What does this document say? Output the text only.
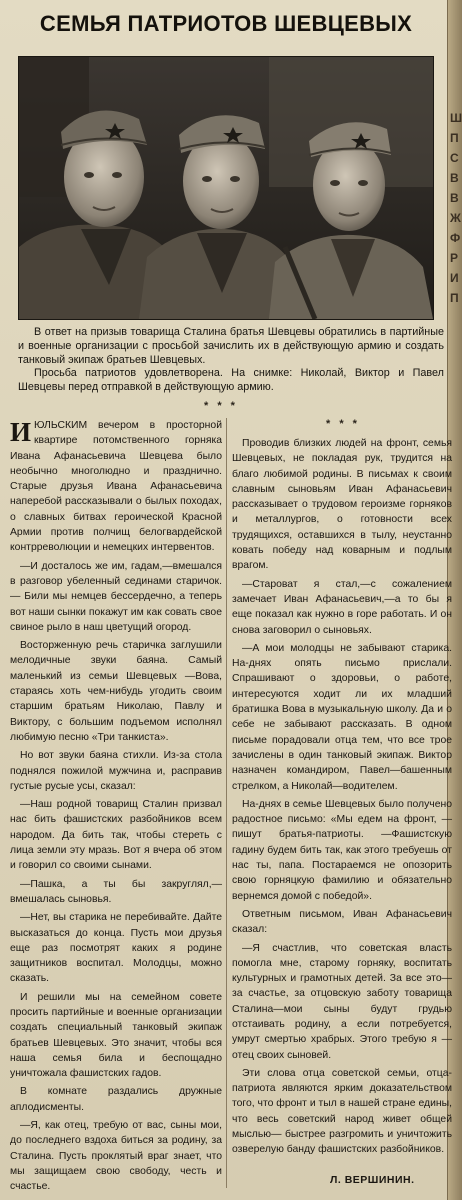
Ш
П
С
В
В
Ж
Ф
Р
И
П
СЕМЬЯ ПАТРИОТОВ ШЕВЦЕВЫХ

В ответ на призыв товарища Сталина братья Шевцевы обратились в партийные и военные организации с просьбой зачислить их в действующую армию и создать танковый экипаж братьев Шевцевых.

Просьба патриотов удовлетворена. На снимке: Николай, Виктор и Павел Шевцевы перед отправкой в действующую армию.

* * *
* * *

ИЮЛЬСКИМ вечером в просторной квартире потомственного горняка Ивана Афанасьевича Шевцева было необычно многолюдно и празднично. Старые друзья Ивана Афанасьевича наперебой рассказывали о былых походах, о славных битвах героической Красной Армии против полчищ белогвардейской контрреволюции и немецких интервентов.

—И досталось же им, гадам,—вмешался в разговор убеленный сединами старичок.— Били мы немцев бессердечно, а теперь вот наши сынки покажут им как совать свое свиное рыло в наш цветущий огород.

Восторженную речь старичка заглушили мелодичные звуки баяна. Самый маленький из семьи Шевцевых —Вова, стараясь хоть чем-нибудь угодить своим старшим братьям Николаю, Павлу и Виктору, с большим подъемом исполнял любимую песню «Три танкиста».

Но вот звуки баяна стихли. Из-за стола поднялся пожилой мужчина и, расправив густые русые усы, сказал:

—Наш родной товарищ Сталин призвал нас бить фашистских разбойников всем народом. Да бить так, чтобы стереть с лица земли эту мразь. Вот я вчера об этом и говорил со своими сынами.

—Пашка, а ты бы закруглял,— вмешалась сыновья.

—Нет, вы старика не перебивайте. Дайте высказаться до конца. Пусть мои друзья еще раз посмотрят каких я родине защитников воспитал. Молодцы, можно сказать.

И решили мы на семейном совете просить партийные и военные организации создать специальный танковый экипаж братьев Шевцевых. Это значит, чтобы вся наша семья била и беспощадно уничтожала фашистских гадов.

В комнате раздались дружные аплодисменты.

—Я, как отец, требую от вас, сыны мои, до последнего вздоха биться за родину, за Сталина. Пусть проклятый враг знает, что мы защищаем свою свободу, честь и счастье.

Проводив близких людей на фронт, семья Шевцевых, не покладая рук, трудится на благо любимой родины. В письмах к своим славным сыновьям Иван Афанасьевич рассказывает о трудовом героизме горняков и металлургов, о готовности всех трудящихся, оставшихся в тылу, неустанно ковать победу над коварным и подлым врагом.

—Староват я стал,—с сожалением замечает Иван Афанасьевич,—а то бы я еще показал как нужно в горе работать. И он снова заговорил о сыновьях.

—А мои молодцы не забывают старика. На-днях опять письмо прислали. Спрашивают о здоровьи, о работе, интересуются ходит ли их младший братишка Вова в музыкальную школу. Да и о себе не забывают рассказать. В одном письме порадовали отца тем, что все трое зачислены в один танковый экипаж. Виктор назначен командиром, Павел—башенным стрелком, а Николай—водителем.

На-днях в семье Шевцевых было получено радостное письмо: «Мы едем на фронт, — пишут братья-патриоты. —Фашистскую гадину будем бить так, как этого требуешь от нас ты, папа. Постараемся не опозорить свою горняцкую фамилию и обязательно вернемся домой с победой».

Ответным письмом, Иван Афанасьевич сказал:

—Я счастлив, что советская власть помогла мне, старому горняку, воспитать культурных и грамотных детей. За все это—за счастье, за отцовскую заботу товарища Сталина—мои сыны будут грудью отстаивать родину, а если потребуется, умрут смертью храбрых. Этого требую я — отец своих сыновей.

Эти слова отца советской семьи, отца-патриота являются ярким доказательством того, что фронт и тыл в нашей стране едины, что весь советский народ живет общей мыслью— быстрее разгромить и уничтожить озверелую банду фашистских разбойников.

Л. ВЕРШИНИН.
